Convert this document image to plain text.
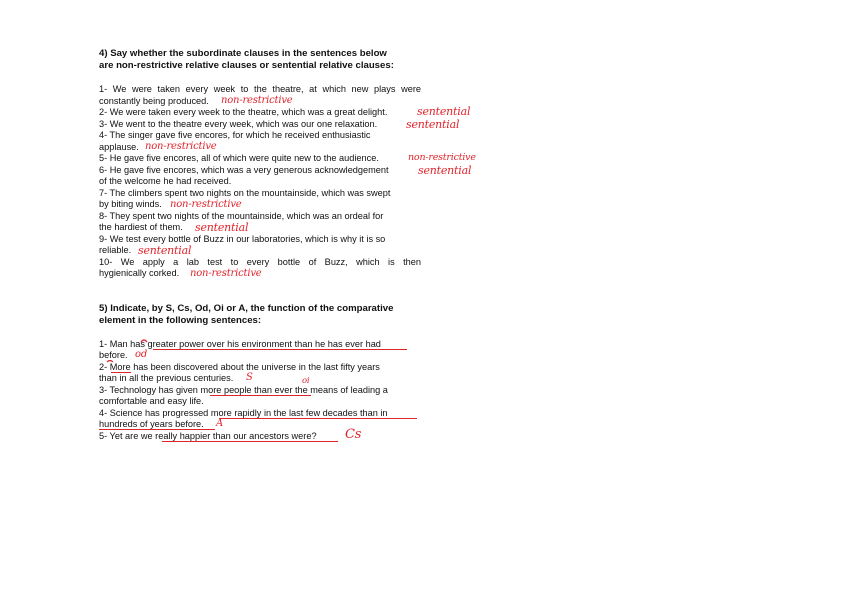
4) Say whether the subordinate clauses in the sentences below
are non-restrictive relative clauses or sentential relative clauses:
1- We were taken every week to the theatre, at which new plays were
constantly being produced.
2- We were taken every week to the theatre, which was a great delight.
3- We went to the theatre every week, which was our one relaxation.
4- The singer gave five encores, for which he received enthusiastic
applause.
5- He gave five encores, all of which were quite new to the audience.
6- He gave five encores, which was a very generous acknowledgement
of the welcome he had received.
7- The climbers spent two nights on the mountainside, which was swept
by biting winds.
8- They spent two nights of the mountainside, which was an ordeal for
the hardiest of them.
9- We test every bottle of Buzz in our laboratories, which is why it is so
reliable.
10- We apply a lab test to every bottle of Buzz, which is then
hygienically corked.
non-restrictive
sentential
sentential
non-restrictive
non-restrictive
sentential
non-restrictive
sentential
sentential
non-restrictive
5) Indicate, by S, Cs, Od, Oi or A, the function of the comparative
element in the following sentences:
1- Man has greater power over his environment than he has ever had
before.
2- More has been discovered about the universe in the last fifty years
than in all the previous centuries.
3- Technology has given more people than ever the means of leading a
comfortable and easy life.
4- Science has progressed more rapidly in the last few decades than in
hundreds of years before.
5- Yet are we really happier than our ancestors were?
od
S	oi
A
Cs
